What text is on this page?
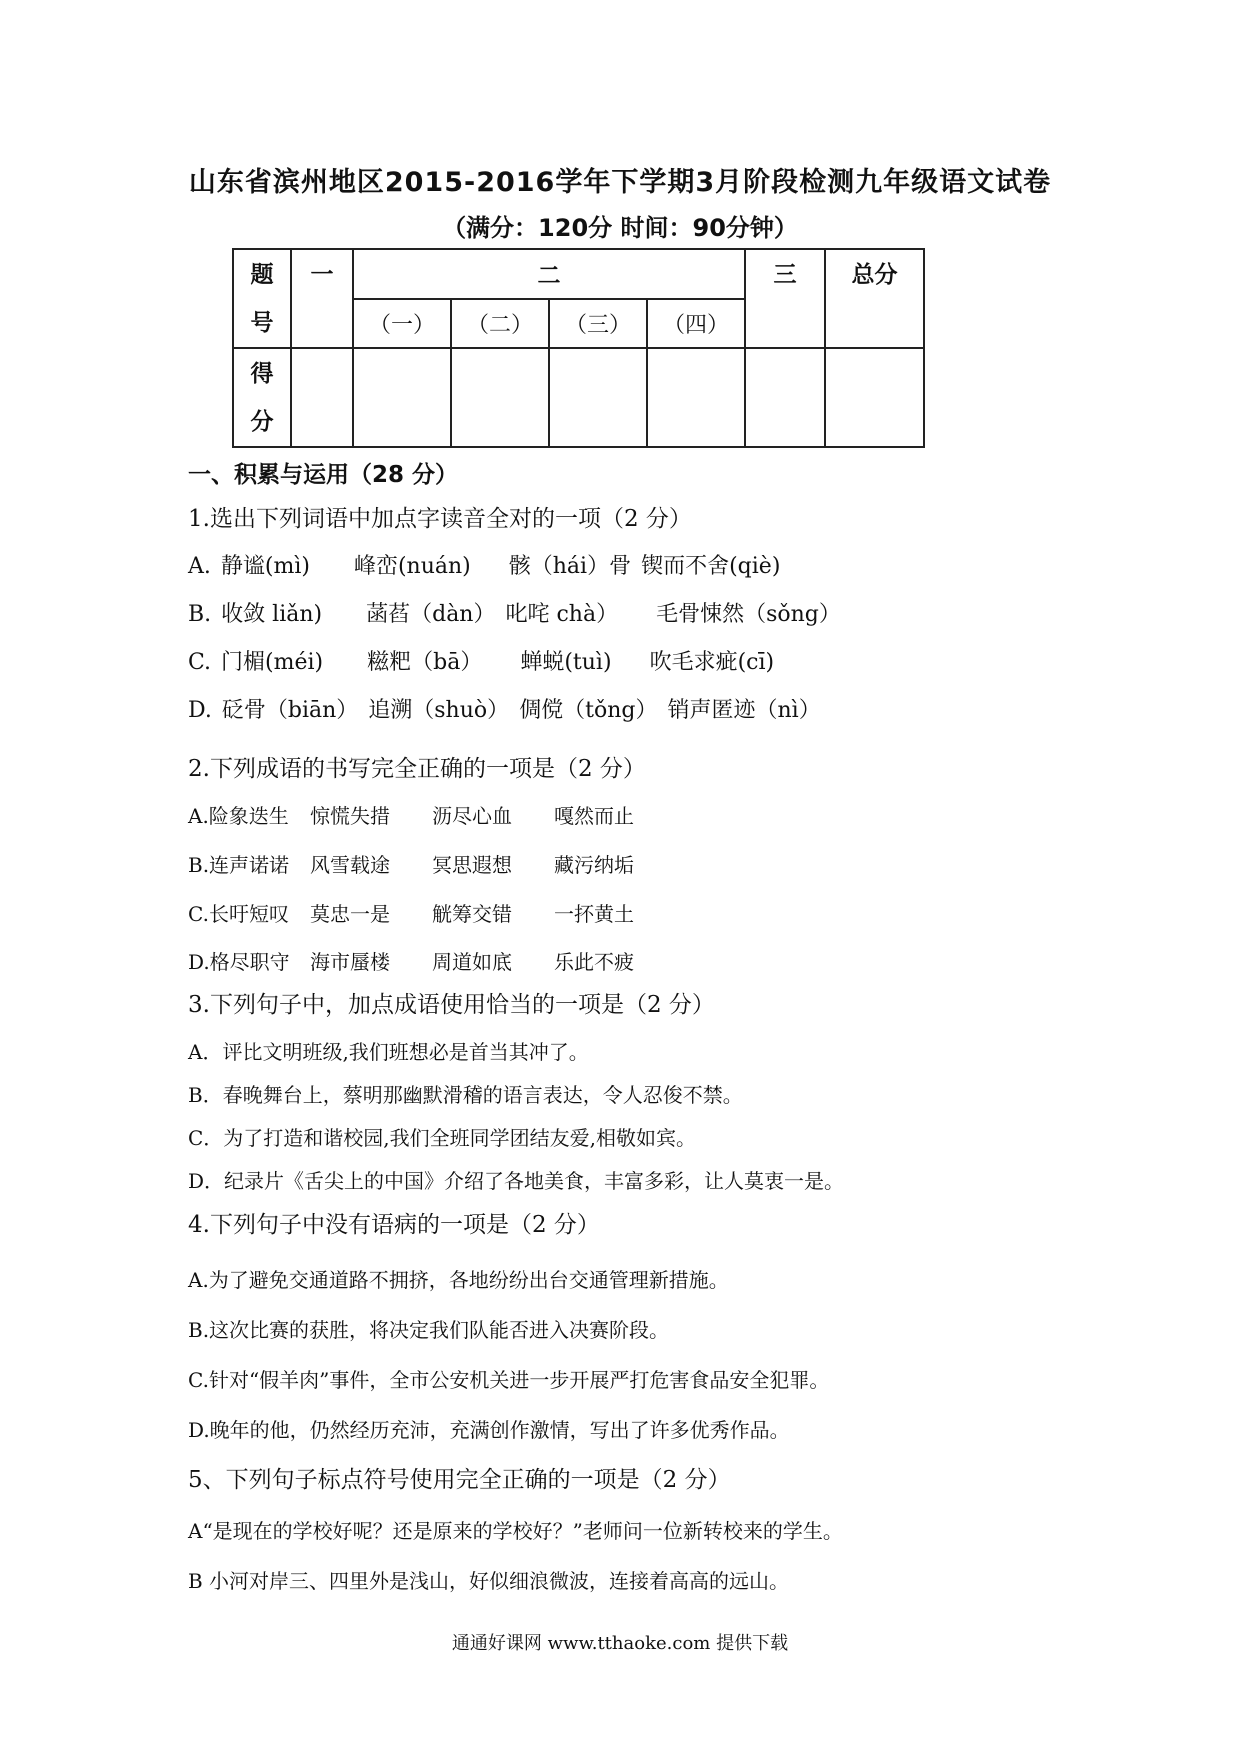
山东省滨州地区2015-2016学年下学期3月阶段检测九年级语文试卷
（满分：120分 时间：90分钟）
题
号	一	二				三	总分
		（一）	（二）	（三）	（四）		
得
分							
一、积累与运用（28 分）
1.选出下列词语中加点字读音全对的一项（2 分）
A. 静谧(mì) 峰峦(nuán) 骸（hái）骨 锲而不舍(qiè)
B. 收敛 liǎn) 菡萏（dàn） 叱咤 chà） 毛骨悚然（sǒng）
C. 门楣(méi) 糍粑（bā） 蝉蜕(tuì) 吹毛求疵(cī)
D. 砭骨（biān） 追溯（shuò） 倜傥（tǒng） 销声匿迹（nì）
2.下列成语的书写完全正确的一项是（2 分）
A.险象迭生 惊慌失措 沥尽心血 嘎然而止
B.连声诺诺 风雪载途 冥思遐想 藏污纳垢
C.长吁短叹 莫忠一是 觥筹交错 一抔黄土
D.格尽职守 海市蜃楼 周道如底 乐此不疲
3.下列句子中，加点成语使用恰当的一项是（2 分）
A．评比文明班级,我们班想必是首当其冲了。
B．春晚舞台上，蔡明那幽默滑稽的语言表达，令人忍俊不禁。
C．为了打造和谐校园,我们全班同学团结友爱,相敬如宾。
D．纪录片《舌尖上的中国》介绍了各地美食，丰富多彩，让人莫衷一是。
4.下列句子中没有语病的一项是（2 分）
A.为了避免交通道路不拥挤，各地纷纷出台交通管理新措施。
B.这次比赛的获胜，将决定我们队能否进入决赛阶段。
C.针对“假羊肉”事件，全市公安机关进一步开展严打危害食品安全犯罪。
D.晚年的他，仍然经历充沛，充满创作激情，写出了许多优秀作品。
5、下列句子标点符号使用完全正确的一项是（2 分）
A“是现在的学校好呢？还是原来的学校好？”老师问一位新转校来的学生。
B 小河对岸三、四里外是浅山，好似细浪微波，连接着高高的远山。
通通好课网 www.tthaoke.com 提供下载
